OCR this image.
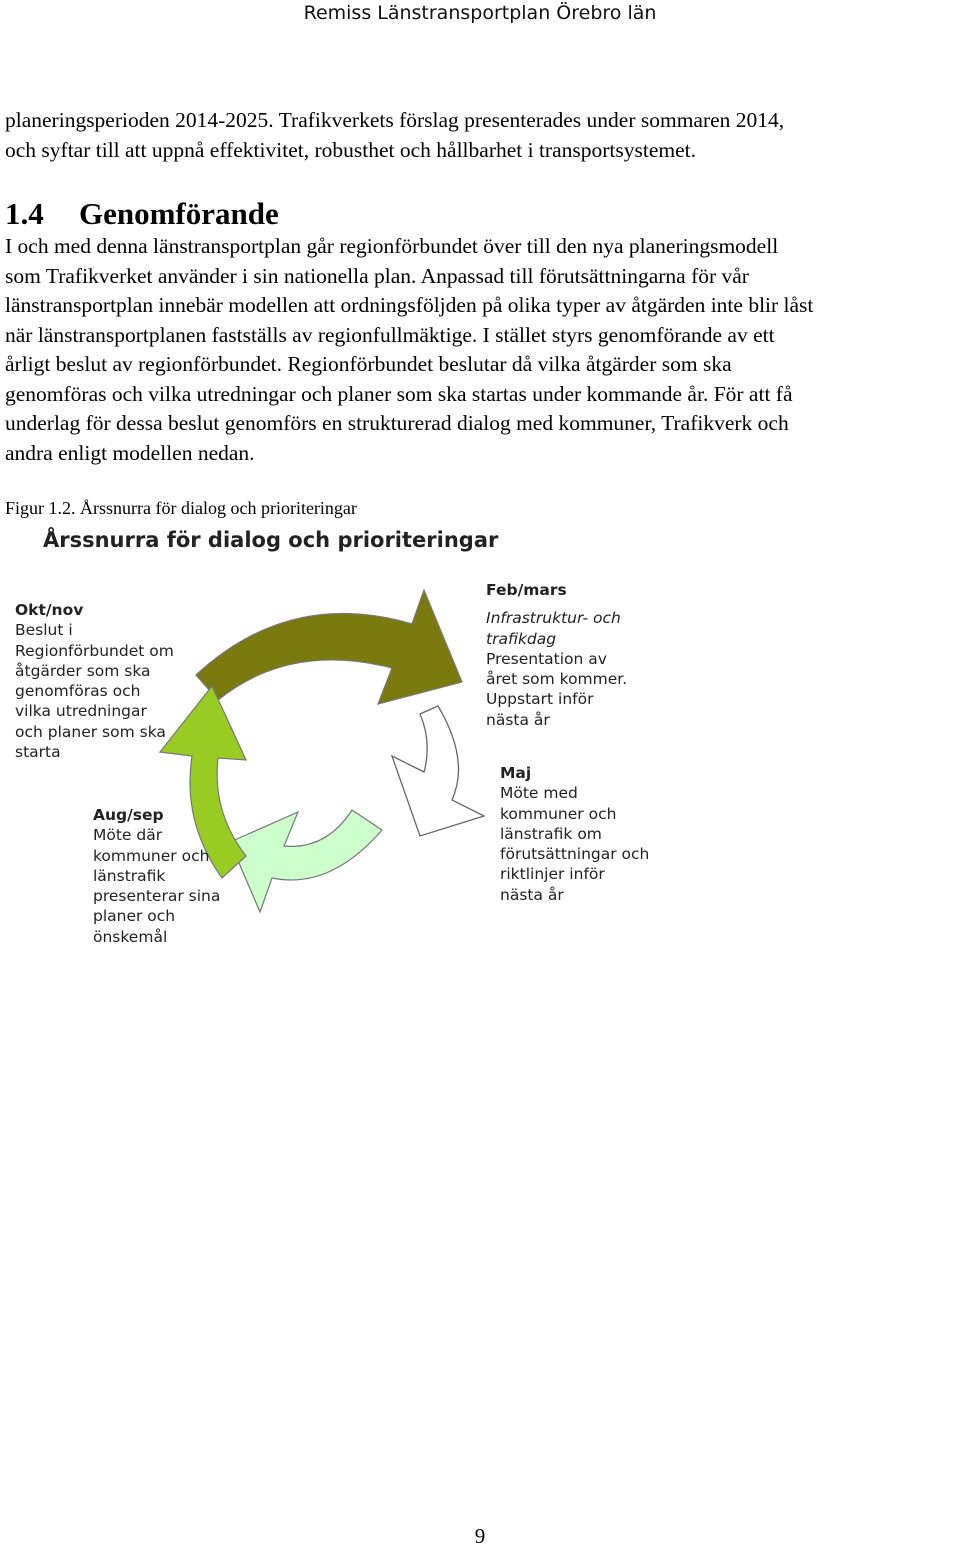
Remiss Länstransportplan Örebro län

planeringsperioden 2014-2025. Trafikverkets förslag presenterades under sommaren 2014,
och syftar till att uppnå effektivitet, robusthet och hållbarhet i transportsystemet.

1.4 Genomförande

I och med denna länstransportplan går regionförbundet över till den nya planeringsmodell
som Trafikverket använder i sin nationella plan. Anpassad till förutsättningarna för vår
länstransportplan innebär modellen att ordningsföljden på olika typer av åtgärden inte blir låst
när länstransportplanen fastställs av regionfullmäktige. I stället styrs genomförande av ett
årligt beslut av regionförbundet. Regionförbundet beslutar då vilka åtgärder som ska
genomföras och vilka utredningar och planer som ska startas under kommande år. För att få
underlag för dessa beslut genomförs en strukturerad dialog med kommuner, Trafikverk och
andra enligt modellen nedan.

Figur 1.2. Årssnurra för dialog och prioriteringar
Årssnurra för dialog och prioriteringar
Okt/nov
Beslut i
Regionförbundet om
åtgärder som ska
genomföras och
vilka utredningar
och planer som ska
starta
Feb/mars
Infrastruktur- och
trafikdag
Presentation av
året som kommer.
Uppstart inför
nästa år
Maj
Möte med
kommuner och
länstrafik om
förutsättningar och
riktlinjer inför
nästa år
Aug/sep
Möte där
kommuner och
länstrafik
presenterar sina
planer och
önskemål
9
